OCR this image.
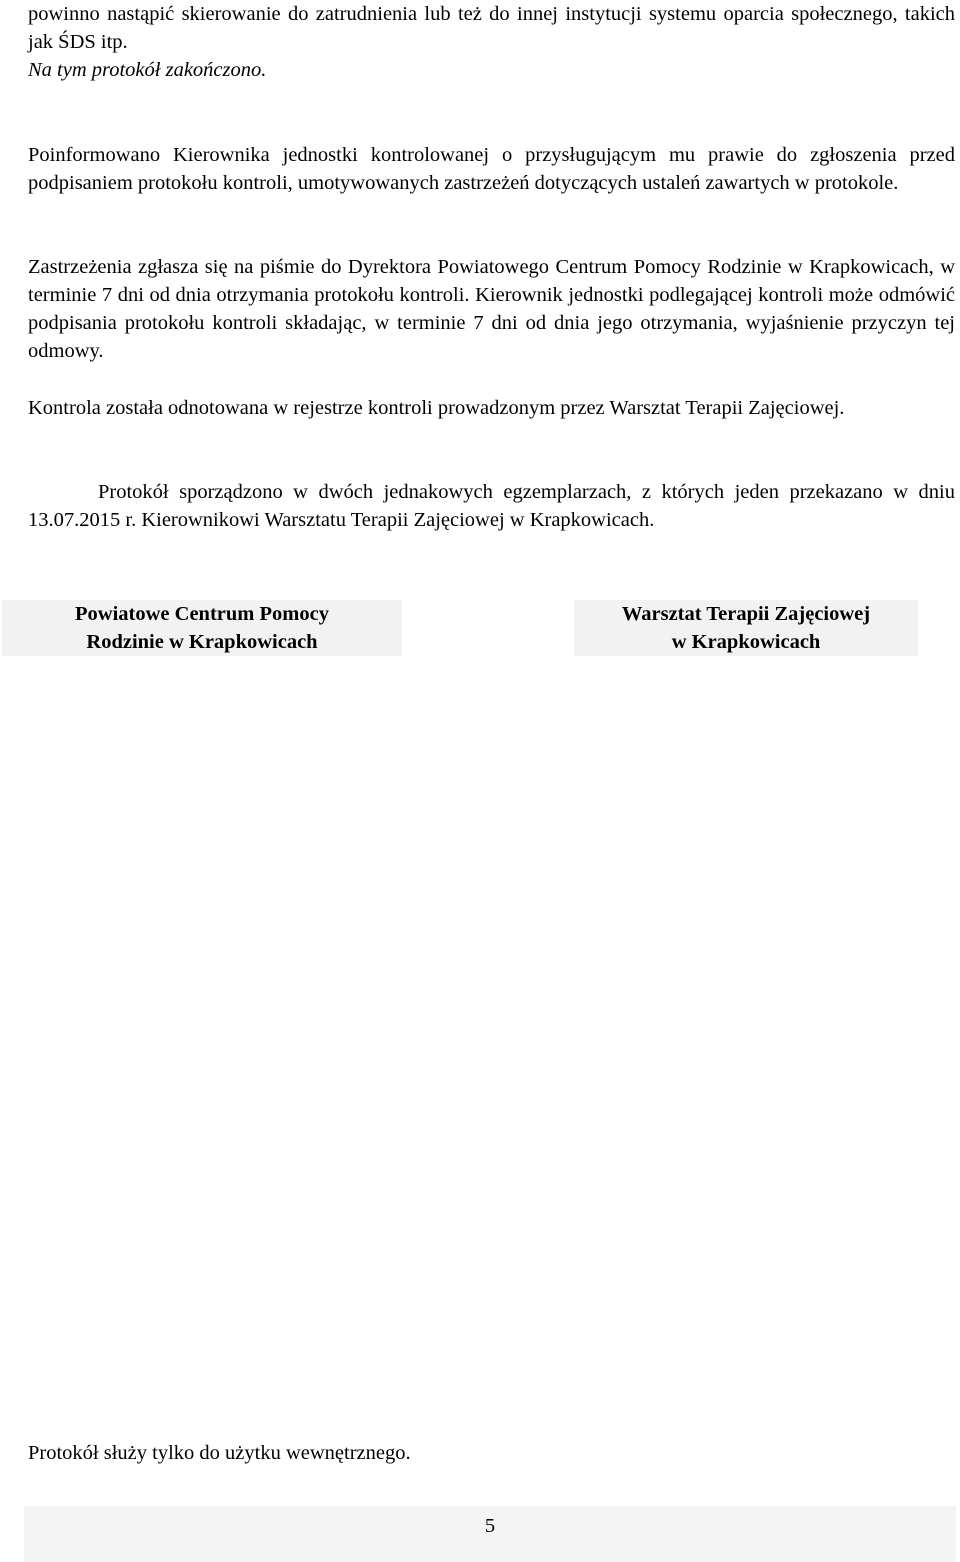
powinno nastąpić skierowanie do zatrudnienia lub też do innej instytucji systemu oparcia społecznego, takich jak ŚDS itp.

Na tym protokół zakończono.

Poinformowano Kierownika jednostki kontrolowanej o przysługującym mu prawie do zgłoszenia przed podpisaniem protokołu kontroli, umotywowanych zastrzeżeń dotyczących ustaleń zawartych w protokole.

Zastrzeżenia zgłasza się na piśmie do Dyrektora Powiatowego Centrum Pomocy Rodzinie w Krapkowicach, w terminie 7 dni od dnia otrzymania protokołu kontroli. Kierownik jednostki podlegającej kontroli może odmówić podpisania protokołu kontroli składając, w terminie 7 dni od dnia jego otrzymania, wyjaśnienie przyczyn tej odmowy.

Kontrola została odnotowana w rejestrze kontroli prowadzonym przez Warsztat Terapii Zajęciowej.

Protokół sporządzono w dwóch jednakowych egzemplarzach, z których jeden przekazano w dniu 13.07.2015 r. Kierownikowi Warsztatu Terapii Zajęciowej w Krapkowicach.

Powiatowe Centrum Pomocy
Rodzinie w Krapkowicach
Warsztat Terapii Zajęciowej
w Krapkowicach

Protokół służy tylko do użytku wewnętrznego.

5
